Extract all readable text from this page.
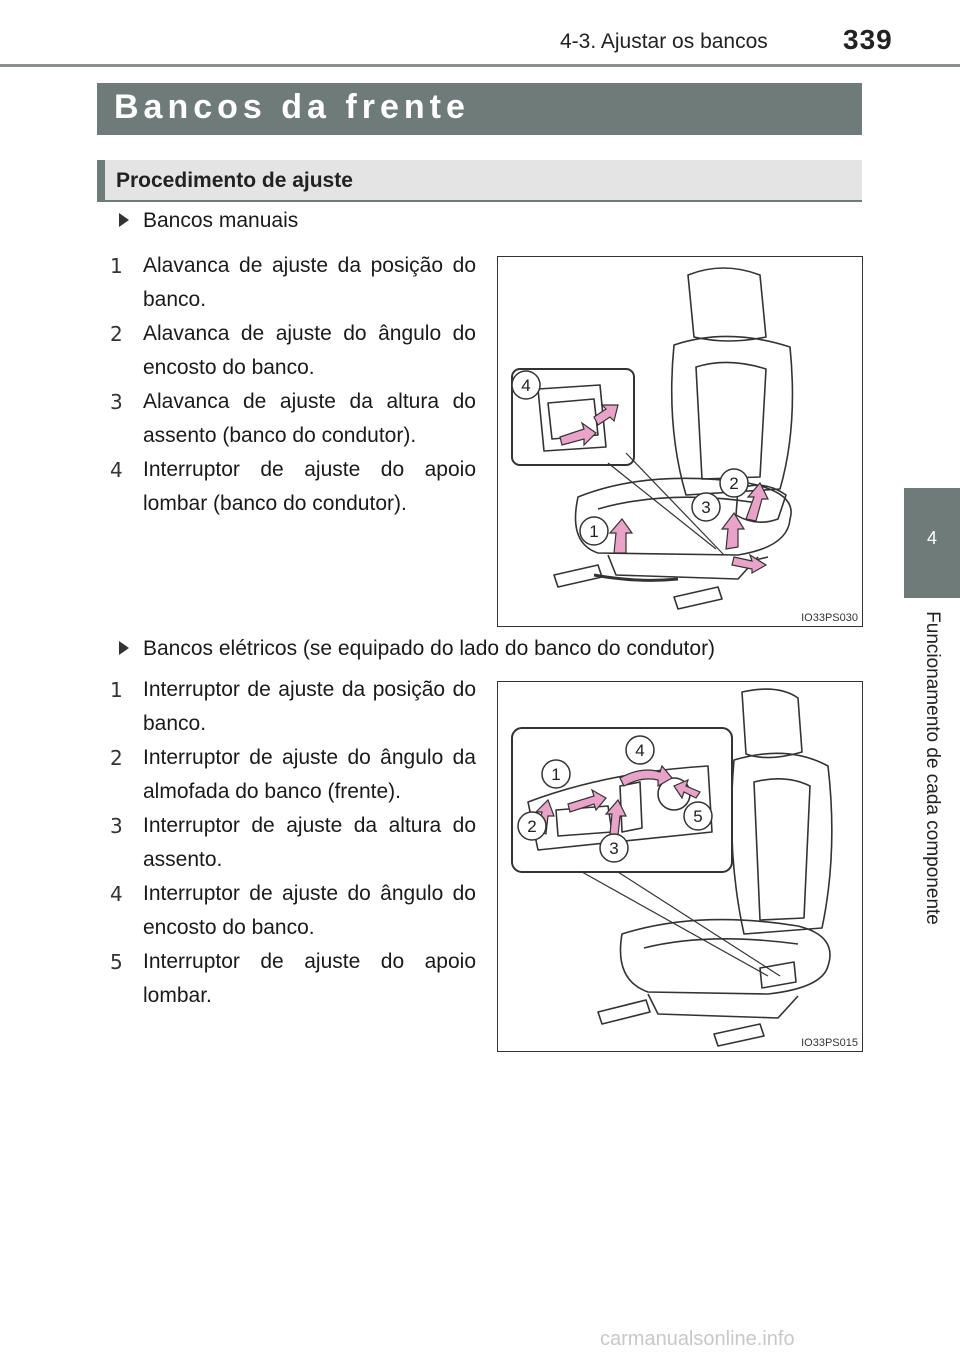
4-3. Ajustar os bancos	339
4
Funcionamento de cada componente
Bancos da frente
Procedimento de ajuste
Bancos manuais
1 Alavanca de ajuste da posição do banco.
2 Alavanca de ajuste do ângulo do encosto do banco.
3 Alavanca de ajuste da altura do assento (banco do condutor).
4 Interruptor de ajuste do apoio lombar (banco do condutor).
4
1
2
3
IO33PS030
Bancos elétricos (se equipado do lado do banco do condutor)
1 Interruptor de ajuste da posição do banco.
2 Interruptor de ajuste do ângulo da almofada do banco (frente).
3 Interruptor de ajuste da altura do assento.
4 Interruptor de ajuste do ângulo do encosto do banco.
5 Interruptor de ajuste do apoio lombar.
1
2
3
4
5
IO33PS015
carmanualsonline.info
